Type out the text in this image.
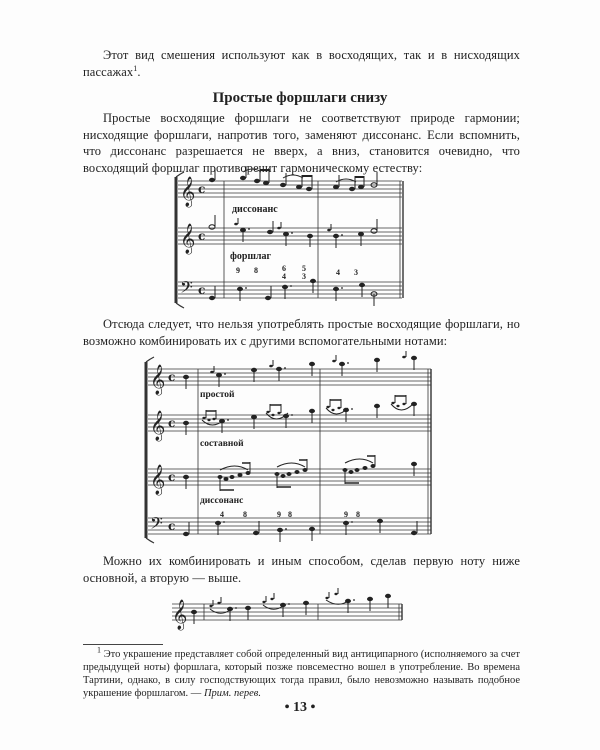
Этот вид смешения используют как в восходящих, так и в нисходящих пассажах$^1$.
Простые форшлаги снизу
Простые восходящие форшлаги не соответствуют природе гармонии; нисходящие форшлаги, напротив того, заменяют диссонанс. Если вспомнить, что диссонанс разрешается не вверх, а вниз, становится очевидно, что восходящий форшлаг противоречит гармоническому естеству:
𝄞
𝄞
𝄢
c
c
c
диссонанс
форшлаг
9 8	6
4
5
3	4 3
𝄞
𝄞
𝄞
𝄢
c
c
c
c
простой
составной
диссонанс
4 8	9 8	9 8
𝄞
Отсюда следует, что нельзя употреблять простые восходящие форшлаги, но возможно комбинировать их с другими вспомогательными нотами:
Можно их комбинировать и иным способом, сделав первую ноту ниже основной, а вторую — выше.
$^1$ Это украшение представляет собой определенный вид антиципарного (исполняемого за счет предыдущей ноты) форшлага, который позже повсеместно вошел в употребление. Во времена Тартини, однако, в силу господствующих тогда правил, было невозможно называть подобное украшение форшлагом. — Прим. перев.
• 13 •
